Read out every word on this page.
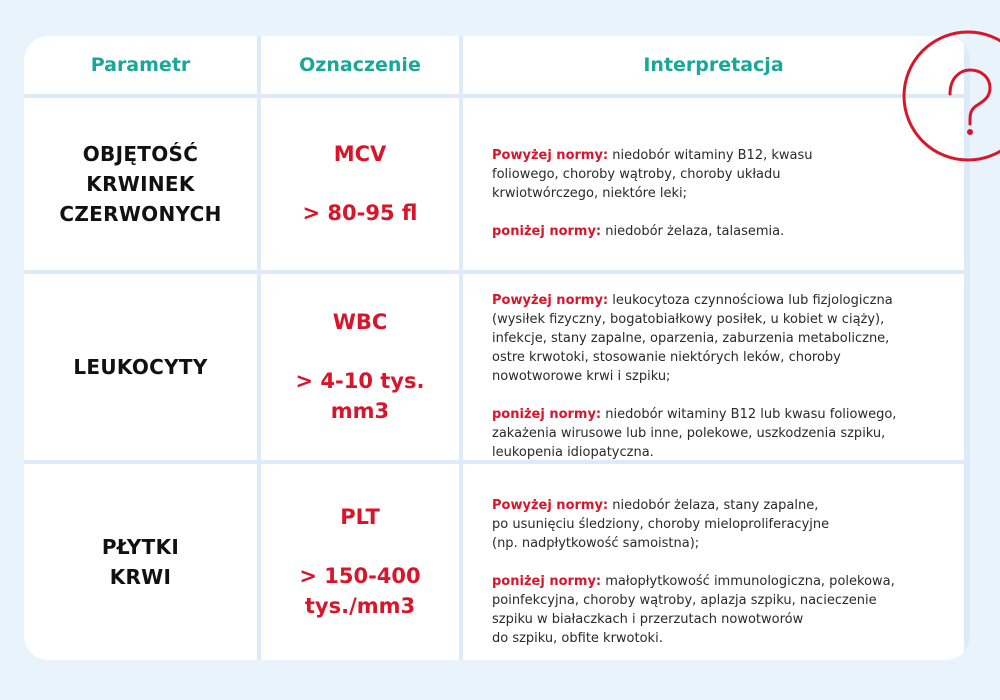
Parametr	Oznaczenie	Interpretacja
OBJĘTOŚĆ
KRWINEK
CZERWONYCH
MCV
> 80-95 fl

Powyżej normy: niedobór witaminy B12, kwasu
foliowego, choroby wątroby, choroby układu
krwiotwórczego, niektóre leki;

poniżej normy: niedobór żelaza, talasemia.

LEUKOCYTY
WBC
> 4-10 tys.
mm3

Powyżej normy: leukocytoza czynnościowa lub fizjologiczna
(wysiłek fizyczny, bogatobiałkowy posiłek, u kobiet w ciąży),
infekcje, stany zapalne, oparzenia, zaburzenia metaboliczne,
ostre krwotoki, stosowanie niektórych leków, choroby
nowotworowe krwi i szpiku;

poniżej normy: niedobór witaminy B12 lub kwasu foliowego,
zakażenia wirusowe lub inne, polekowe, uszkodzenia szpiku,
leukopenia idiopatyczna.

PŁYTKI
KRWI
PLT
> 150-400
tys./mm3

Powyżej normy: niedobór żelaza, stany zapalne,
po usunięciu śledziony, choroby mieloproliferacyjne
(np. nadpłytkowość samoistna);

poniżej normy: małopłytkowość immunologiczna, polekowa,
poinfekcyjna, choroby wątroby, aplazja szpiku, nacieczenie
szpiku w białaczkach i przerzutach nowotworów
do szpiku, obfite krwotoki.
